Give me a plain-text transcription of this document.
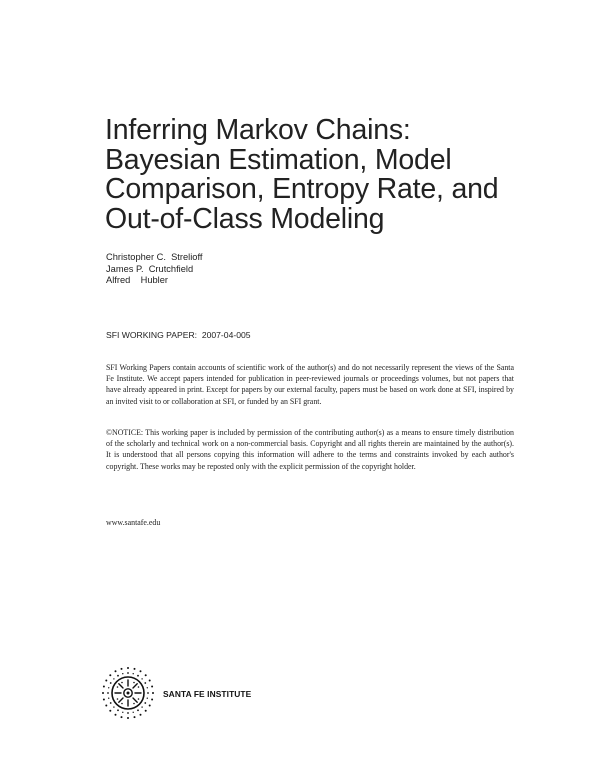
Inferring Markov Chains:
Bayesian Estimation, Model
Comparison, Entropy Rate, and
Out-of-Class Modeling
Christopher C.  Strelioff
James P.  Crutchfield
Alfred    Hubler
SFI WORKING PAPER:  2007-04-005
SFI Working Papers contain accounts of scientific work of the author(s) and do not necessarily represent the views of the Santa Fe Institute. We accept papers intended for publication in peer-reviewed journals or proceedings volumes, but not papers that have already appeared in print. Except for papers by our external faculty, papers must be based on work done at SFI, inspired by an invited visit to or collaboration at SFI, or funded by an SFI grant.
©NOTICE: This working paper is included by permission of the contributing author(s) as a means to ensure timely distribution of the scholarly and technical work on a non-commercial basis. Copyright and all rights therein are maintained by the author(s). It is understood that all persons copying this information will adhere to the terms and constraints invoked by each author's copyright. These works may be reposted only with the explicit permission of the copyright holder.
www.santafe.edu
SANTA FE INSTITUTE
